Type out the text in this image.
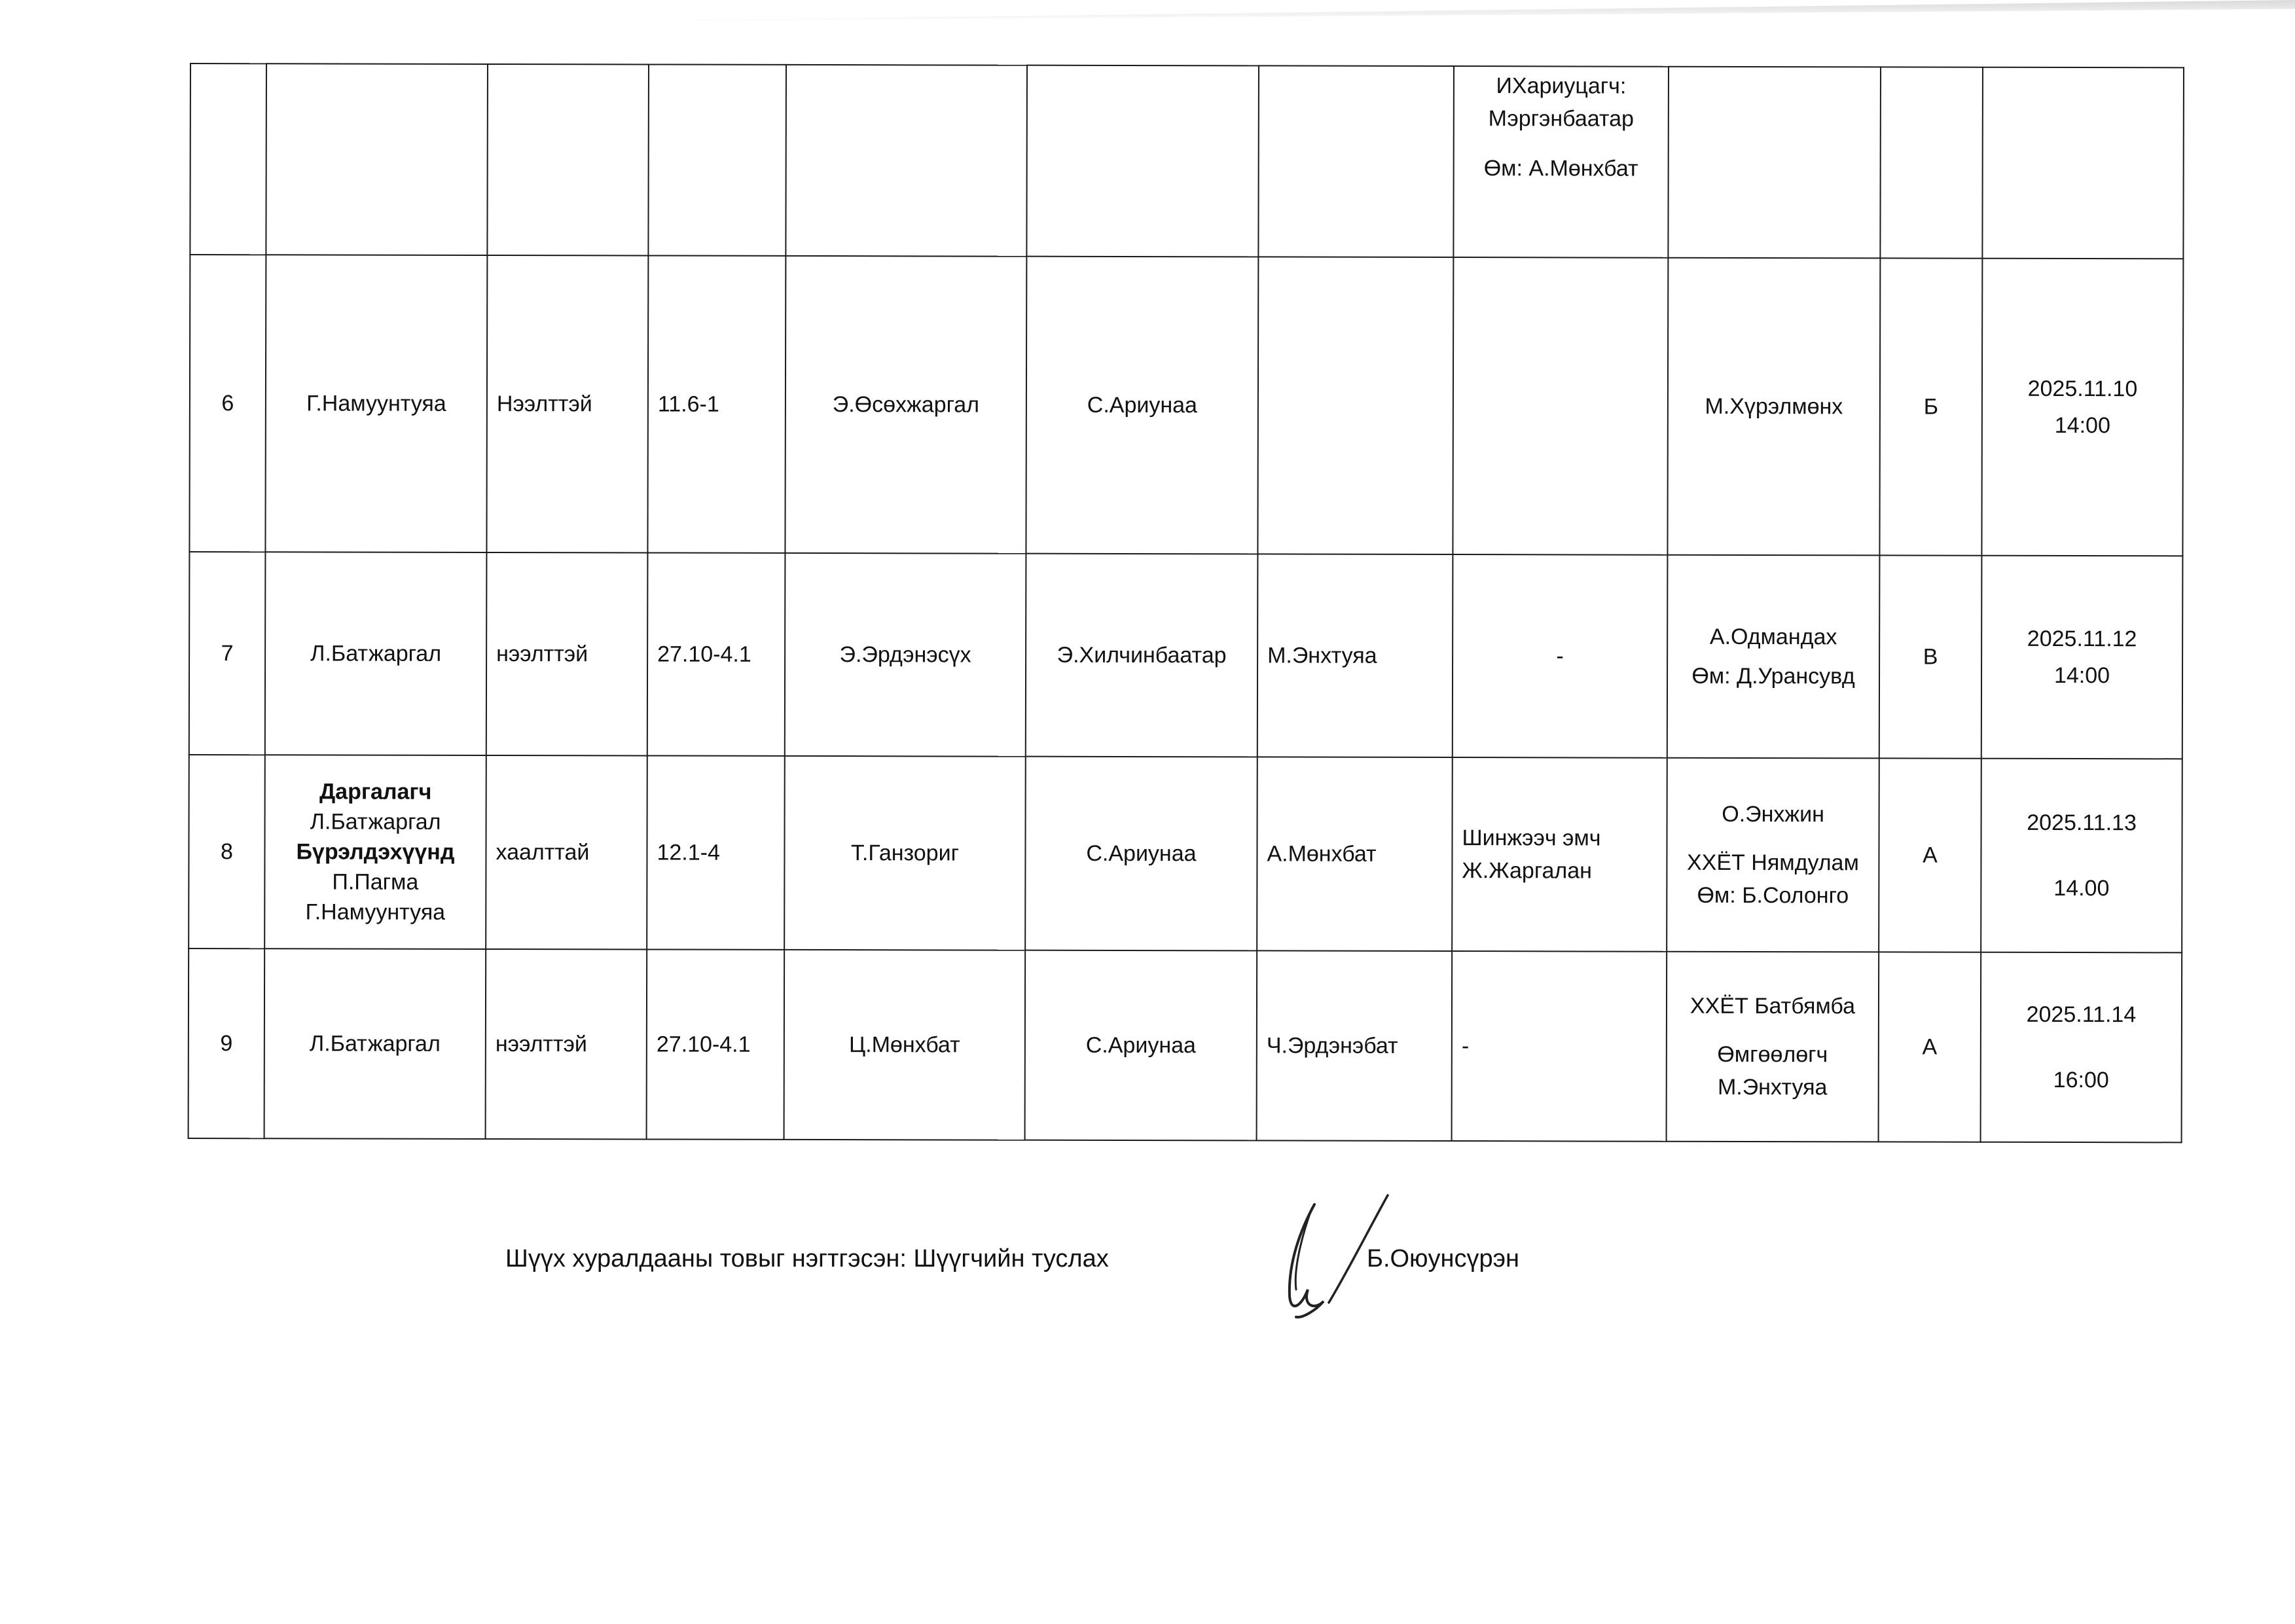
							ИХариуцагч:
Мэргэнбаатар
Өм: А.Мөнхбат			

6	Г.Намуунтуяа	Нээлттэй	11.6-1	Э.Өсөхжаргал	С.Ариунаа			М.Хүрэлмөнх	Б	2025.11.10
14:00

7	Л.Батжаргал	нээлттэй	27.10-4.1	Э.Эрдэнэсүх	Э.Хилчинбаатар	М.Энхтуяа	-	А.Одмандах
Өм: Д.Урансувд	В	2025.11.12
14:00

8	Даргалагч
Л.Батжаргал
Бүрэлдэхүүнд
П.Пагма
Г.Намуунтуяа	хаалттай	12.1-4	Т.Ганзориг	С.Ариунаа	А.Мөнхбат	Шинжээч эмч
Ж.Жаргалан	О.Энхжин
ХХЁТ Нямдулам
Өм: Б.Солонго	А	2025.11.13
14.00

9	Л.Батжаргал	нээлттэй	27.10-4.1	Ц.Мөнхбат	С.Ариунаа	Ч.Эрдэнэбат	-	ХХЁТ Батбямба
Өмгөөлөгч
М.Энхтуяа	А	2025.11.14
16:00
Шүүх хуралдааны товыг нэгтгэсэн: Шүүгчийн туслах	Б.Оюунсүрэн
